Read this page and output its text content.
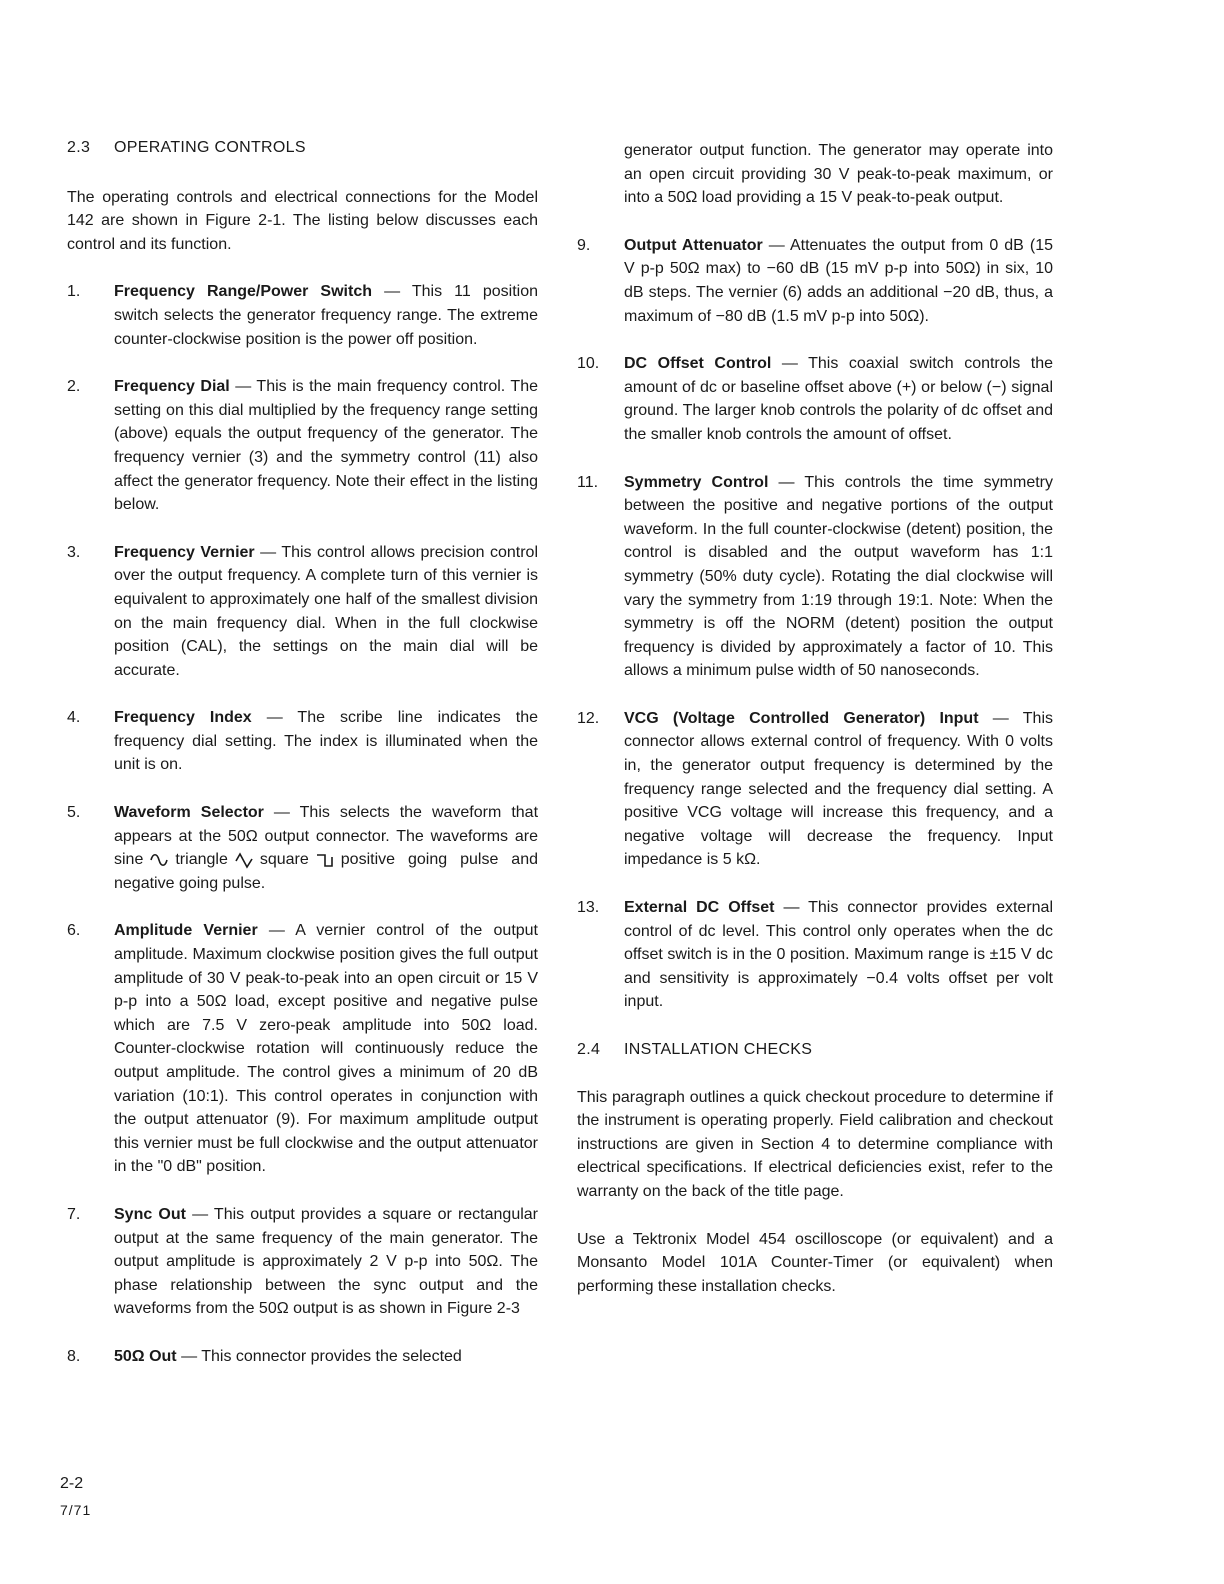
2.3	OPERATING CONTROLS

The operating controls and electrical connections for the Model 142 are shown in Figure 2-1. The listing below discusses each control and its function.

1.	Frequency Range/Power Switch — This 11 position switch selects the generator frequency range. The extreme counter-clockwise position is the power off position.
2.	Frequency Dial — This is the main frequency control. The setting on this dial multiplied by the frequency range setting (above) equals the output frequency of the generator. The frequency vernier (3) and the symmetry control (11) also affect the generator frequency. Note their effect in the listing below.
3.	Frequency Vernier — This control allows precision control over the output frequency. A complete turn of this vernier is equivalent to approximately one half of the smallest division on the main frequency dial. When in the full clockwise position (CAL), the settings on the main dial will be accurate.
4.	Frequency Index — The scribe line indicates the frequency dial setting. The index is illuminated when the unit is on.
5.	Waveform Selector — This selects the waveform that appears at the 50Ω output connector. The waveforms are sine triangle square positive going pulse and negative going pulse.
6.	Amplitude Vernier — A vernier control of the output amplitude. Maximum clockwise position gives the full output amplitude of 30 V peak-to-peak into an open circuit or 15 V p-p into a 50Ω load, except positive and negative pulse which are 7.5 V zero-peak amplitude into 50Ω load. Counter-clockwise rotation will continuously reduce the output amplitude. The control gives a minimum of 20 dB variation (10:1). This control operates in conjunction with the output attenuator (9). For maximum amplitude output this vernier must be full clockwise and the output attenuator in the "0 dB" position.
7.	Sync Out — This output provides a square or rectangular output at the same frequency of the main generator. The output amplitude is approximately 2 V p-p into 50Ω. The phase relationship between the sync output and the waveforms from the 50Ω output is as shown in Figure 2-3
8.	50Ω Out — This connector provides the selected
generator output function. The generator may operate into an open circuit providing 30 V peak-to-peak maximum, or into a 50Ω load providing a 15 V peak-to-peak output.
9.	Output Attenuator — Attenuates the output from 0 dB (15 V p-p 50Ω max) to −60 dB (15 mV p-p into 50Ω) in six, 10 dB steps. The vernier (6) adds an additional −20 dB, thus, a maximum of −80 dB (1.5 mV p-p into 50Ω).
10.	DC Offset Control — This coaxial switch controls the amount of dc or baseline offset above (+) or below (−) signal ground. The larger knob controls the polarity of dc offset and the smaller knob controls the amount of offset.
11.	Symmetry Control — This controls the time symmetry between the positive and negative portions of the output waveform. In the full counter-clockwise (detent) position, the control is disabled and the output waveform has 1:1 symmetry (50% duty cycle). Rotating the dial clockwise will vary the symmetry from 1:19 through 19:1. Note: When the symmetry is off the NORM (detent) position the output frequency is divided by approximately a factor of 10. This allows a minimum pulse width of 50 nanoseconds.
12.	VCG (Voltage Controlled Generator) Input — This connector allows external control of frequency. With 0 volts in, the generator output frequency is determined by the frequency range selected and the frequency dial setting. A positive VCG voltage will increase this frequency, and a negative voltage will decrease the frequency. Input impedance is 5 kΩ.
13.	External DC Offset — This connector provides external control of dc level. This control only operates when the dc offset switch is in the 0 position. Maximum range is ±15 V dc and sensitivity is approximately −0.4 volts offset per volt input.
2.4	INSTALLATION CHECKS

This paragraph outlines a quick checkout procedure to determine if the instrument is operating properly. Field calibration and checkout instructions are given in Section 4 to determine compliance with electrical specifications. If electrical deficiencies exist, refer to the warranty on the back of the title page.

Use a Tektronix Model 454 oscilloscope (or equivalent) and a Monsanto Model 101A Counter-Timer (or equivalent) when performing these installation checks.

2-2
7/71
